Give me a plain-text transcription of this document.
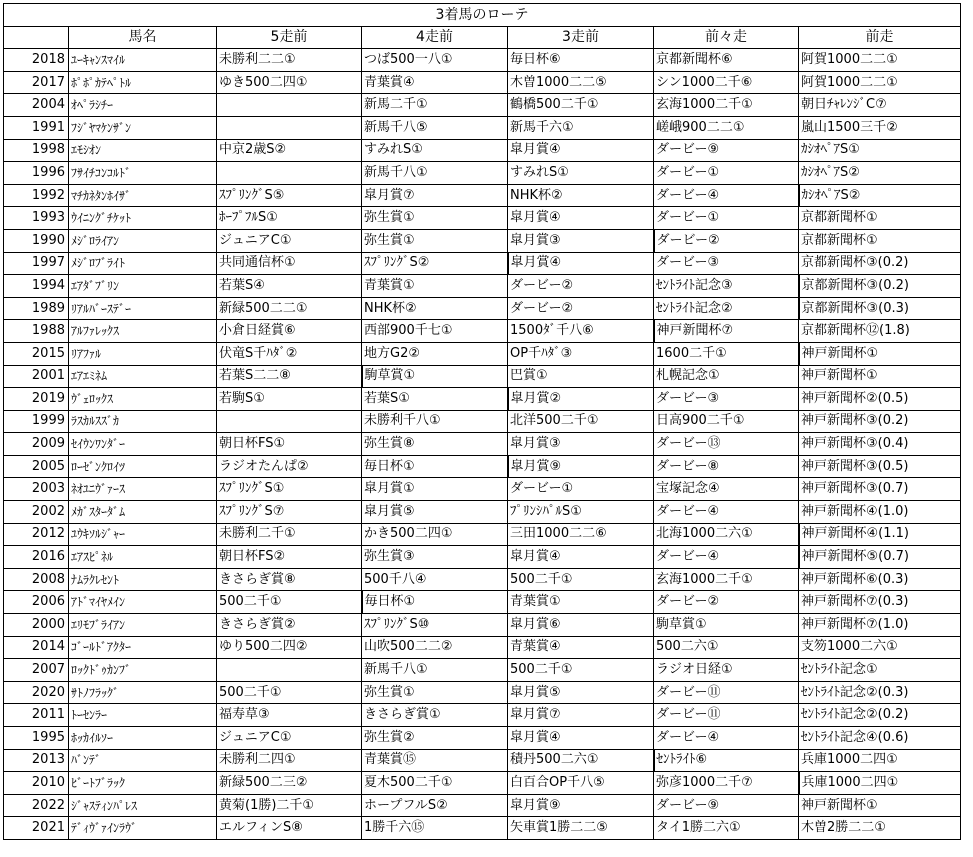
3着馬のローテ						
	馬名	5走前	4走前	3走前	前々走	前走
2018	ﾕｰｷｬﾝｽﾏｲﾙ	未勝利二二①	つば500一八①	毎日杯⑥	京都新聞杯⑥	阿賀1000二二①
2017	ﾎﾟﾎﾟｶﾃﾍﾟﾄﾙ	ゆき500二四①	青葉賞④	木曽1000二二⑤	シン1000二千⑥	阿賀1000二二①
2004	ｵﾍﾟﾗｼﾁｰ		新馬二千①	鶴橋500二千①	玄海1000二千①	朝日ﾁｬﾚﾝｼﾞC⑦
1991	ﾌｼﾞﾔﾏｹﾝｻﾞﾝ		新馬千八⑤	新馬千六①	嵯峨900二二①	嵐山1500三千②
1998	ｴﾓｼｵﾝ	中京2歳S②	すみれS①	皐月賞④	ダービー⑨	ｶｼｵﾍﾟｱS①
1996	ﾌｻｲﾁｺﾝｺﾙﾄﾞ		新馬千八①	すみれS①	ダービー①	ｶｼｵﾍﾟｱS②
1992	ﾏﾁｶﾈﾀﾝﾎｲｻﾞ	ｽﾌﾟﾘﾝｸﾞS⑤	皐月賞⑦	NHK杯②	ダービー④	ｶｼｵﾍﾟｱS②
1993	ｳｲﾆﾝｸﾞﾁｹｯﾄ	ﾎｰﾌﾟﾌﾙS①	弥生賞①	皐月賞④	ダービー①	京都新聞杯①
1990	ﾒｼﾞﾛﾗｲｱﾝ	ジュニアC①	弥生賞①	皐月賞③	ダービー②	京都新聞杯①
1997	ﾒｼﾞﾛﾌﾞﾗｲﾄ	共同通信杯①	ｽﾌﾟﾘﾝｸﾞS②	皐月賞④	ダービー③	京都新聞杯③(0.2)
1994	ｴｱﾀﾞﾌﾞﾘﾝ	若葉S④	青葉賞①	ダービー②	ｾﾝﾄﾗｲﾄ記念③	京都新聞杯③(0.2)
1989	ﾘｱﾙﾊﾞｰｽﾃﾞｰ	新緑500二二①	NHK杯②	ダービー②	ｾﾝﾄﾗｲﾄ記念②	京都新聞杯③(0.3)
1988	ｱﾙﾌｧﾚｯｸｽ	小倉日経賞⑥	西部900千七①	1500ﾀﾞ千八⑥	神戸新聞杯⑦	京都新聞杯⑫(1.8)
2015	ﾘｱﾌｧﾙ	伏竜S千ﾊﾀﾞ②	地方G2②	OP千ﾊﾀﾞ③	1600二千①	神戸新聞杯①
2001	ｴｱｴﾐﾈﾑ	若葉S二二⑧	駒草賞①	巴賞①	札幌記念①	神戸新聞杯①
2019	ｳﾞｪﾛｯｸｽ	若駒S①	若葉S①	皐月賞②	ダービー③	神戸新聞杯②(0.5)
1999	ﾗｽｶﾙｽｽﾞｶ		未勝利千八①	北洋500二千①	日高900二千①	神戸新聞杯③(0.2)
2009	ｾｲｳﾝﾜﾝﾀﾞｰ	朝日杯FS①	弥生賞⑧	皐月賞③	ダービー⑬	神戸新聞杯③(0.4)
2005	ﾛｰｾﾞﾝｸﾛｲﾂ	ラジオたんぱ②	毎日杯①	皐月賞⑨	ダービー⑧	神戸新聞杯③(0.5)
2003	ﾈｵﾕﾆｳﾞｧｰｽ	ｽﾌﾟﾘﾝｸﾞS①	皐月賞①	ダービー①	宝塚記念④	神戸新聞杯③(0.7)
2002	ﾒｶﾞｽﾀｰﾀﾞﾑ	ｽﾌﾟﾘﾝｸﾞS⑦	皐月賞⑤	ﾌﾟﾘﾝｼﾊﾟﾙS①	ダービー④	神戸新聞杯④(1.0)
2012	ﾕｳｷｿﾙｼﾞｬｰ	未勝利二千①	かき500二四①	三田1000二二⑥	北海1000二六①	神戸新聞杯④(1.1)
2016	ｴｱｽﾋﾟﾈﾙ	朝日杯FS②	弥生賞③	皐月賞④	ダービー④	神戸新聞杯⑤(0.7)
2008	ﾅﾑﾗｸﾚｾﾝﾄ	きさらぎ賞⑧	500千八④	500二千①	玄海1000二千①	神戸新聞杯⑥(0.3)
2006	ｱﾄﾞﾏｲﾔﾒｲﾝ	500二千①	毎日杯①	青葉賞①	ダービー②	神戸新聞杯⑦(0.3)
2000	ｴﾘﾓﾌﾞﾗｲｱﾝ	きさらぎ賞②	ｽﾌﾟﾘﾝｸﾞS⑩	皐月賞⑥	駒草賞①	神戸新聞杯⑦(1.0)
2014	ｺﾞｰﾙﾄﾞｱｸﾀｰ	ゆり500二四②	山吹500二二②	青葉賞④	500二六①	支笏1000二六①
2007	ﾛｯｸﾄﾞｩｶﾝﾌﾞ		新馬千八①	500二千①	ラジオ日経①	ｾﾝﾄﾗｲﾄ記念①
2020	ｻﾄﾉﾌﾗｯｸﾞ	500二千①	弥生賞①	皐月賞⑤	ダービー⑪	ｾﾝﾄﾗｲﾄ記念②(0.3)
2011	ﾄｰｾﾝﾗｰ	福寿草③	きさらぎ賞①	皐月賞⑦	ダービー⑪	ｾﾝﾄﾗｲﾄ記念②(0.2)
1995	ﾎｯｶｲﾙｿｰ	ジュニアC①	弥生賞②	皐月賞④	ダービー④	ｾﾝﾄﾗｲﾄ記念④(0.6)
2013	ﾊﾞﾝﾃﾞ	未勝利二四①	青葉賞⑮	積丹500二六①	ｾﾝﾄﾗｲﾄ⑥	兵庫1000二四①
2010	ﾋﾞｰﾄﾌﾞﾗｯｸ	新緑500二三②	夏木500二千①	白百合OP千八⑤	弥彦1000二千⑦	兵庫1000二四①
2022	ｼﾞｬｽﾃｨﾝﾊﾟﾚｽ	黄菊(1勝)二千①	ホープフルS②	皐月賞⑨	ダービー⑨	神戸新聞杯①
2021	ﾃﾞｨｳﾞｧｲﾝﾗｳﾞ	エルフィンS⑧	1勝千六⑮	矢車賞1勝二二⑤	タイ1勝二六①	木曽2勝二二①
